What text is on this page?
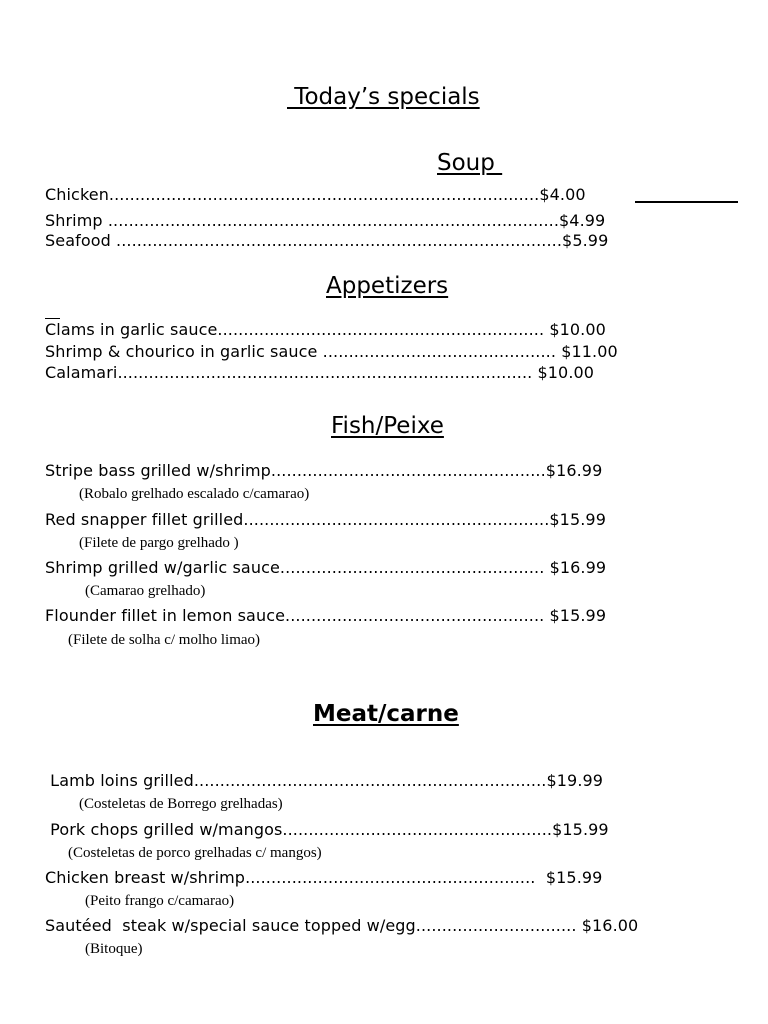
Today’s specials
Soup
Chicken...................................................................................$4.00
Shrimp .......................................................................................$4.99
Seafood ......................................................................................$5.99
Appetizers
Clams in garlic sauce............................................................... $10.00
Shrimp & chourico in garlic sauce ............................................. $11.00
Calamari................................................................................ $10.00
Fish/Peixe
Stripe bass grilled w/shrimp.....................................................$16.99
(Robalo grelhado escalado c/camarao)
Red snapper fillet grilled...........................................................$15.99
(Filete de pargo grelhado )
Shrimp grilled w/garlic sauce................................................... $16.99
(Camarao grelhado)
Flounder fillet in lemon sauce.................................................. $15.99
(Filete de solha c/ molho limao)
Meat/carne
Lamb loins grilled....................................................................$19.99
(Costeletas de Borrego grelhadas)
Pork chops grilled w/mangos....................................................$15.99
(Costeletas de porco grelhadas c/ mangos)
Chicken breast w/shrimp........................................................  $15.99
(Peito frango c/camarao)
Sautéed  steak w/special sauce topped w/egg............................... $16.00
(Bitoque)
